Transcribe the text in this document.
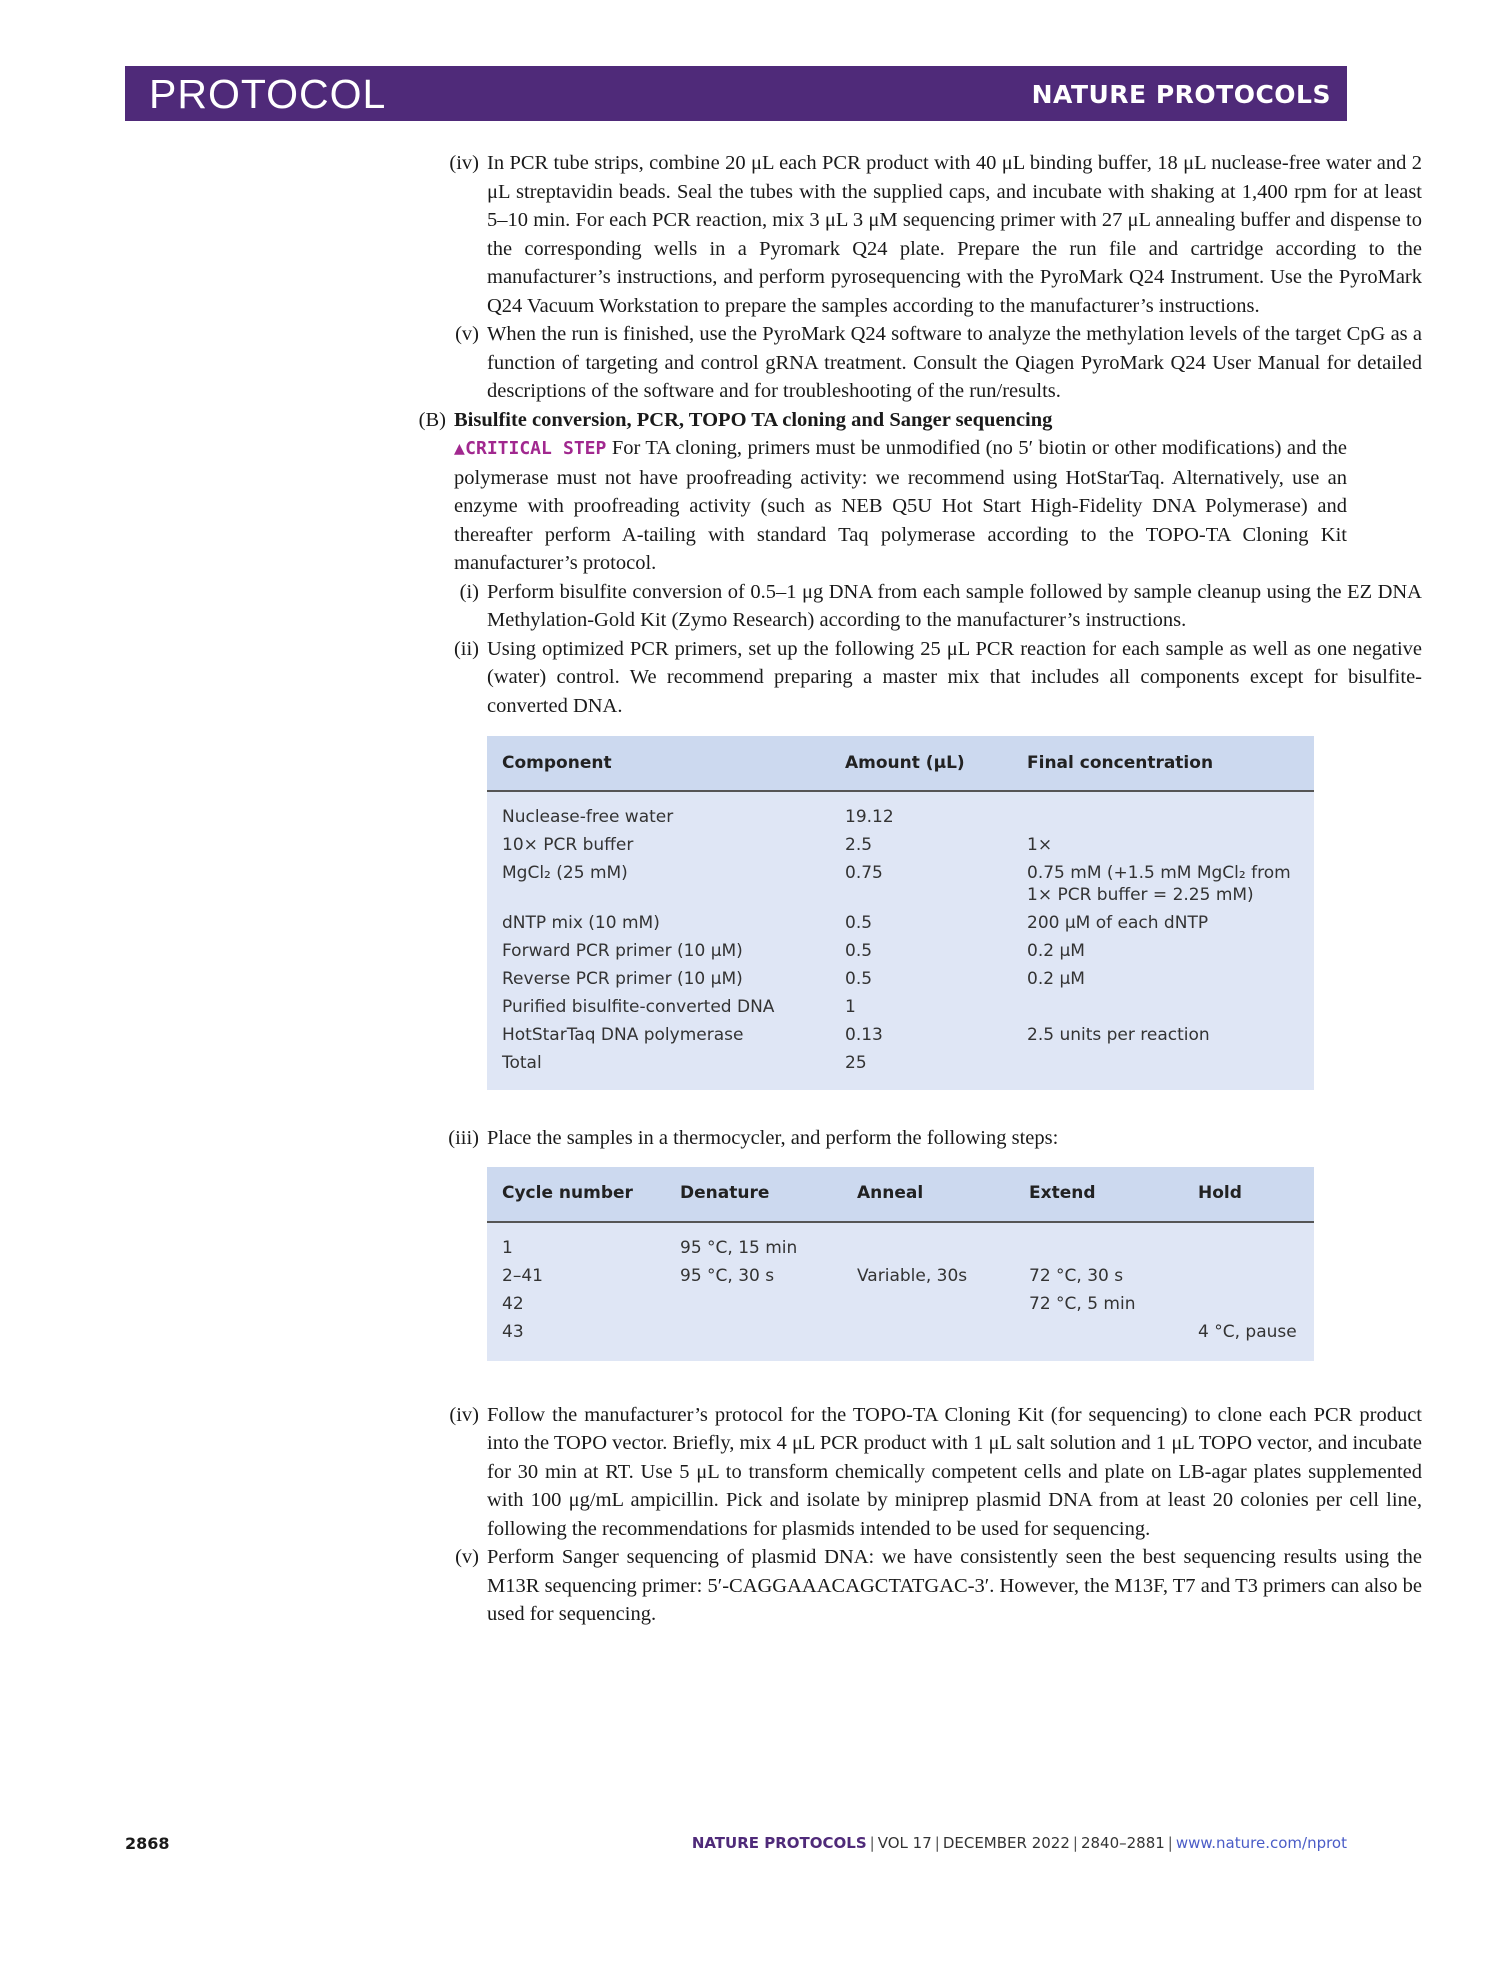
PROTOCOL	NATURE PROTOCOLS
(iv) In PCR tube strips, combine 20 μL each PCR product with 40 μL binding buffer, 18 μL nuclease-free water and 2 μL streptavidin beads. Seal the tubes with the supplied caps, and incubate with shaking at 1,400 rpm for at least 5–10 min. For each PCR reaction, mix 3 μL 3 μM sequencing primer with 27 μL annealing buffer and dispense to the corresponding wells in a Pyromark Q24 plate. Prepare the run file and cartridge according to the manufacturer’s instructions, and perform pyrosequencing with the PyroMark Q24 Instrument. Use the PyroMark Q24 Vacuum Workstation to prepare the samples according to the manufacturer’s instructions.
(v) When the run is finished, use the PyroMark Q24 software to analyze the methylation levels of the target CpG as a function of targeting and control gRNA treatment. Consult the Qiagen PyroMark Q24 User Manual for detailed descriptions of the software and for troubleshooting of the run/results.
(B) Bisulfite conversion, PCR, TOPO TA cloning and Sanger sequencing
▲CRITICAL STEP For TA cloning, primers must be unmodified (no 5′ biotin or other modifications) and the polymerase must not have proofreading activity: we recommend using HotStarTaq. Alternatively, use an enzyme with proofreading activity (such as NEB Q5U Hot Start High-Fidelity DNA Polymerase) and thereafter perform A-tailing with standard Taq polymerase according to the TOPO-TA Cloning Kit manufacturer’s protocol.
(i) Perform bisulfite conversion of 0.5–1 μg DNA from each sample followed by sample cleanup using the EZ DNA Methylation-Gold Kit (Zymo Research) according to the manufacturer’s instructions.
(ii) Using optimized PCR primers, set up the following 25 μL PCR reaction for each sample as well as one negative (water) control. We recommend preparing a master mix that includes all components except for bisulfite-converted DNA.
Component	Amount (μL)	Final concentration

Nuclease-free water	19.12	
10× PCR buffer	2.5	1×
MgCl₂ (25 mM)	0.75	0.75 mM (+1.5 mM MgCl₂ from 1× PCR buffer = 2.25 mM)
dNTP mix (10 mM)	0.5	200 μM of each dNTP
Forward PCR primer (10 μM)	0.5	0.2 μM
Reverse PCR primer (10 μM)	0.5	0.2 μM
Purified bisulfite-converted DNA	1	
HotStarTaq DNA polymerase	0.13	2.5 units per reaction
Total	25	
(iii) Place the samples in a thermocycler, and perform the following steps:
Cycle number	Denature	Anneal	Extend	Hold

1	95 °C, 15 min			
2–41	95 °C, 30 s	Variable, 30s	72 °C, 30 s	
42			72 °C, 5 min	
43				4 °C, pause
(iv) Follow the manufacturer’s protocol for the TOPO-TA Cloning Kit (for sequencing) to clone each PCR product into the TOPO vector. Briefly, mix 4 μL PCR product with 1 μL salt solution and 1 μL TOPO vector, and incubate for 30 min at RT. Use 5 μL to transform chemically competent cells and plate on LB-agar plates supplemented with 100 μg/mL ampicillin. Pick and isolate by miniprep plasmid DNA from at least 20 colonies per cell line, following the recommendations for plasmids intended to be used for sequencing.
(v) Perform Sanger sequencing of plasmid DNA: we have consistently seen the best sequencing results using the M13R sequencing primer: 5′-CAGGAAACAGCTATGAC-3′. However, the M13F, T7 and T3 primers can also be used for sequencing.
2868	NATURE PROTOCOLS | VOL 17 | DECEMBER 2022 | 2840–2881 | www.nature.com/nprot
